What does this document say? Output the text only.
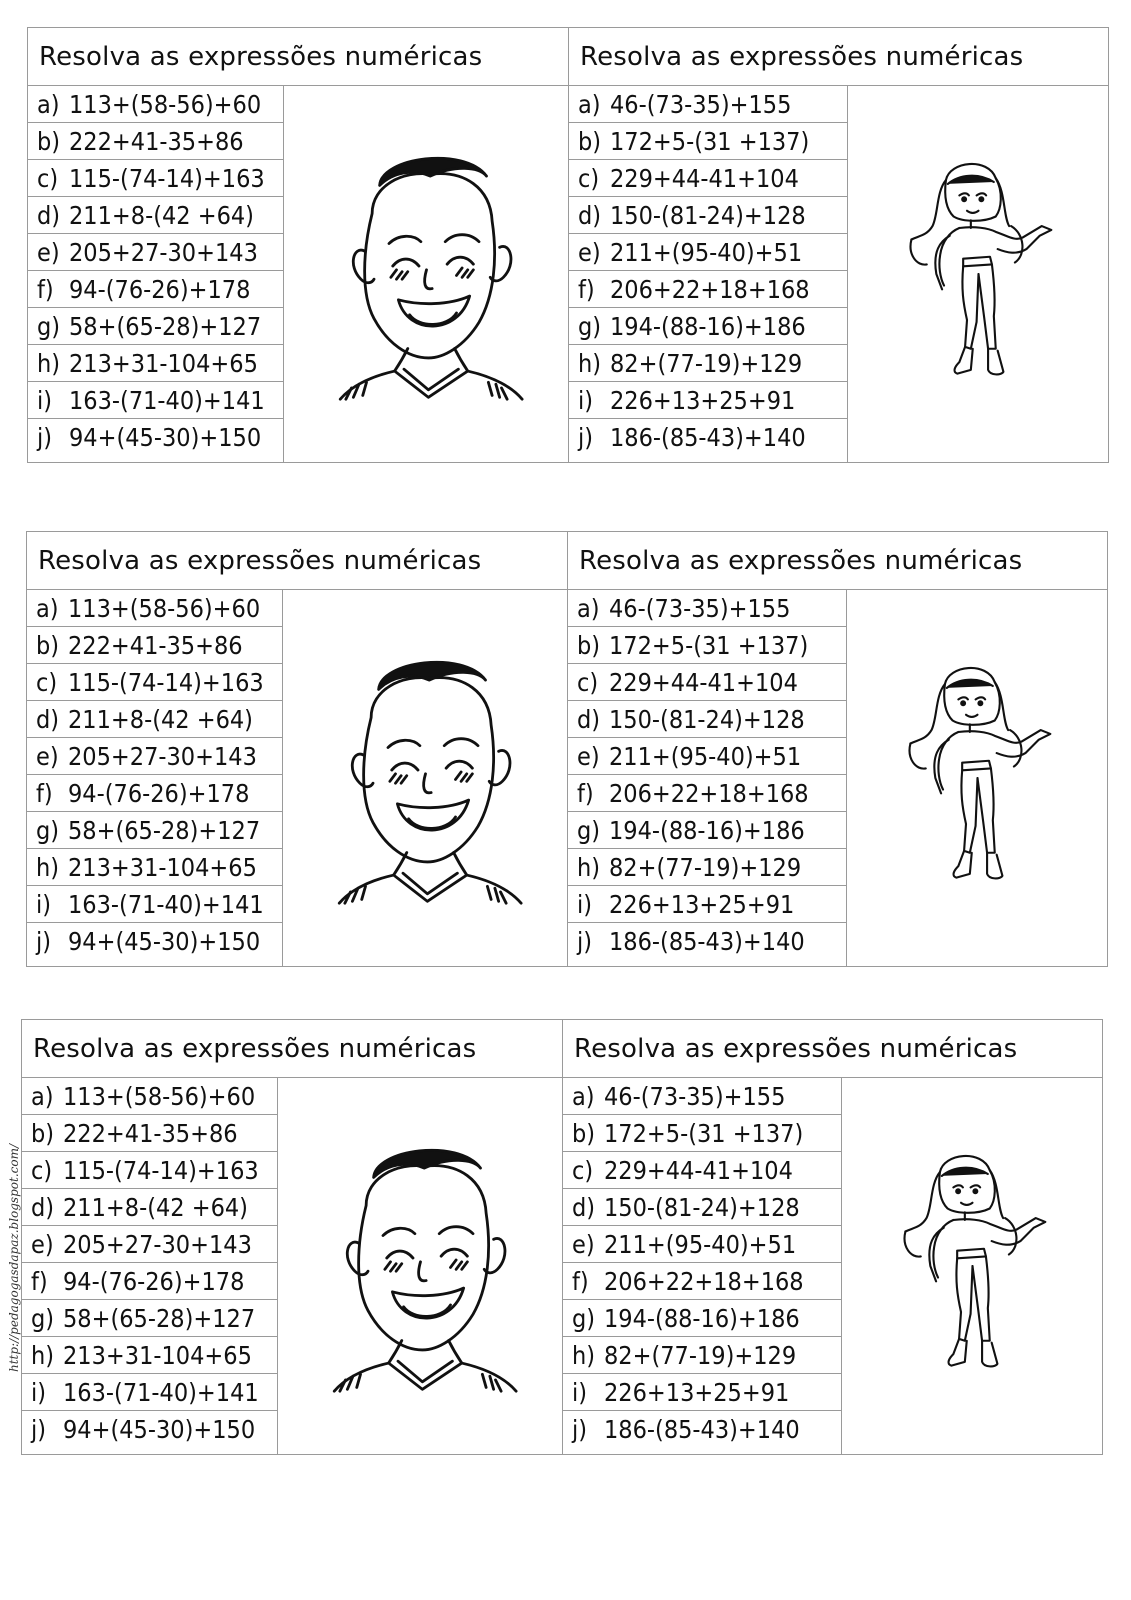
Resolva as expressões numéricas
a) 113+(58-56)+60
b) 222+41-35+86
c) 115-(74-14)+163
d) 211+8-(42 +64)
e) 205+27-30+143
f) 94-(76-26)+178
g) 58+(65-28)+127
h) 213+31-104+65
i) 163-(71-40)+141
j) 94+(45-30)+150
Resolva as expressões numéricas
a) 46-(73-35)+155
b) 172+5-(31 +137)
c) 229+44-41+104
d) 150-(81-24)+128
e) 211+(95-40)+51
f) 206+22+18+168
g) 194-(88-16)+186
h) 82+(77-19)+129
i) 226+13+25+91
j) 186-(85-43)+140
Resolva as expressões numéricas
a) 113+(58-56)+60
b) 222+41-35+86
c) 115-(74-14)+163
d) 211+8-(42 +64)
e) 205+27-30+143
f) 94-(76-26)+178
g) 58+(65-28)+127
h) 213+31-104+65
i) 163-(71-40)+141
j) 94+(45-30)+150
Resolva as expressões numéricas
a) 46-(73-35)+155
b) 172+5-(31 +137)
c) 229+44-41+104
d) 150-(81-24)+128
e) 211+(95-40)+51
f) 206+22+18+168
g) 194-(88-16)+186
h) 82+(77-19)+129
i) 226+13+25+91
j) 186-(85-43)+140
Resolva as expressões numéricas
a) 113+(58-56)+60
b) 222+41-35+86
c) 115-(74-14)+163
d) 211+8-(42 +64)
e) 205+27-30+143
f) 94-(76-26)+178
g) 58+(65-28)+127
h) 213+31-104+65
i) 163-(71-40)+141
j) 94+(45-30)+150
Resolva as expressões numéricas
a) 46-(73-35)+155
b) 172+5-(31 +137)
c) 229+44-41+104
d) 150-(81-24)+128
e) 211+(95-40)+51
f) 206+22+18+168
g) 194-(88-16)+186
h) 82+(77-19)+129
i) 226+13+25+91
j) 186-(85-43)+140
http://pedagogasdapaz.blogspot.com/
